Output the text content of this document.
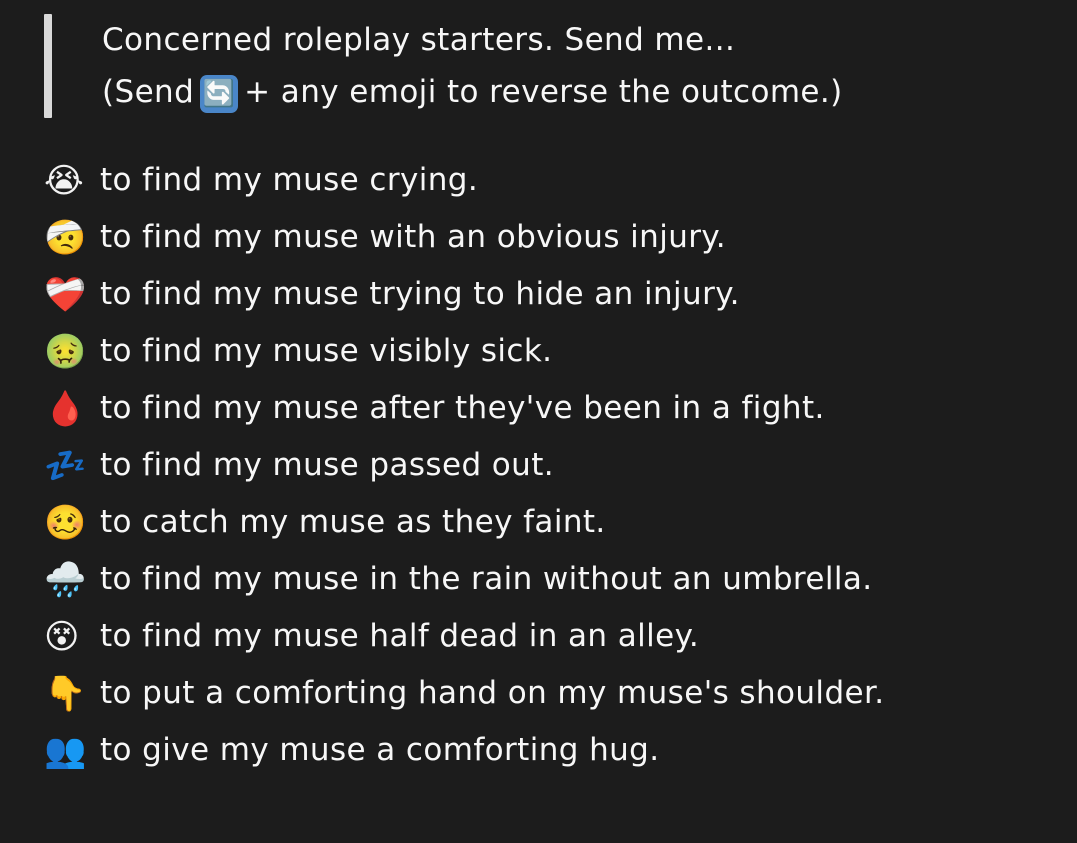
Concerned roleplay starters. Send me...
(Send 🔄 + any emoji to reverse the outcome.)
😭 to find my muse crying.
🤕 to find my muse with an obvious injury.
❤️‍🩹 to find my muse trying to hide an injury.
🤢 to find my muse visibly sick.
🩸 to find my muse after they've been in a fight.
💤 to find my muse passed out.
🥴 to catch my muse as they faint.
🌧️ to find my muse in the rain without an umbrella.
😵 to find my muse half dead in an alley.
👇 to put a comforting hand on my muse's shoulder.
👥 to give my muse a comforting hug.
